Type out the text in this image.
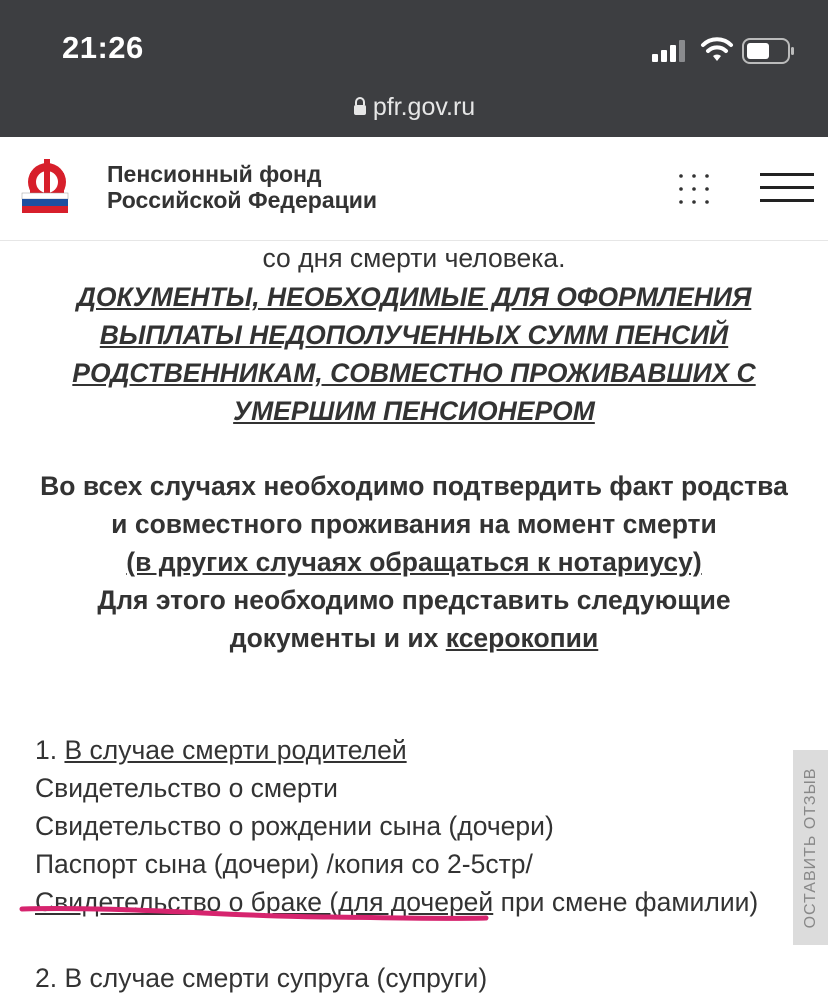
21:26
pfr.gov.ru
Пенсионный фонд
Российской Федерации
со дня смерти человека.
ДОКУМЕНТЫ, НЕОБХОДИМЫЕ ДЛЯ ОФОРМЛЕНИЯ ВЫПЛАТЫ НЕДОПОЛУЧЕННЫХ СУММ ПЕНСИЙ РОДСТВЕННИКАМ, СОВМЕСТНО ПРОЖИВАВШИХ С УМЕРШИМ ПЕНСИОНЕРОМ
Во всех случаях необходимо подтвердить факт родства и совместного проживания на момент смерти
(в других случаях обращаться к нотариусу)
Для этого необходимо представить следующие документы и их ксерокопии
1. В случае смерти родителей
Свидетельство о смерти
Свидетельство о рождении сына (дочери)
Паспорт сына (дочери) /копия со 2-5стр/
Свидетельство о браке (для дочерей при смене фамилии)
2. В случае смерти супруга (супруги)
ОСТАВИТЬ ОТЗЫВ
